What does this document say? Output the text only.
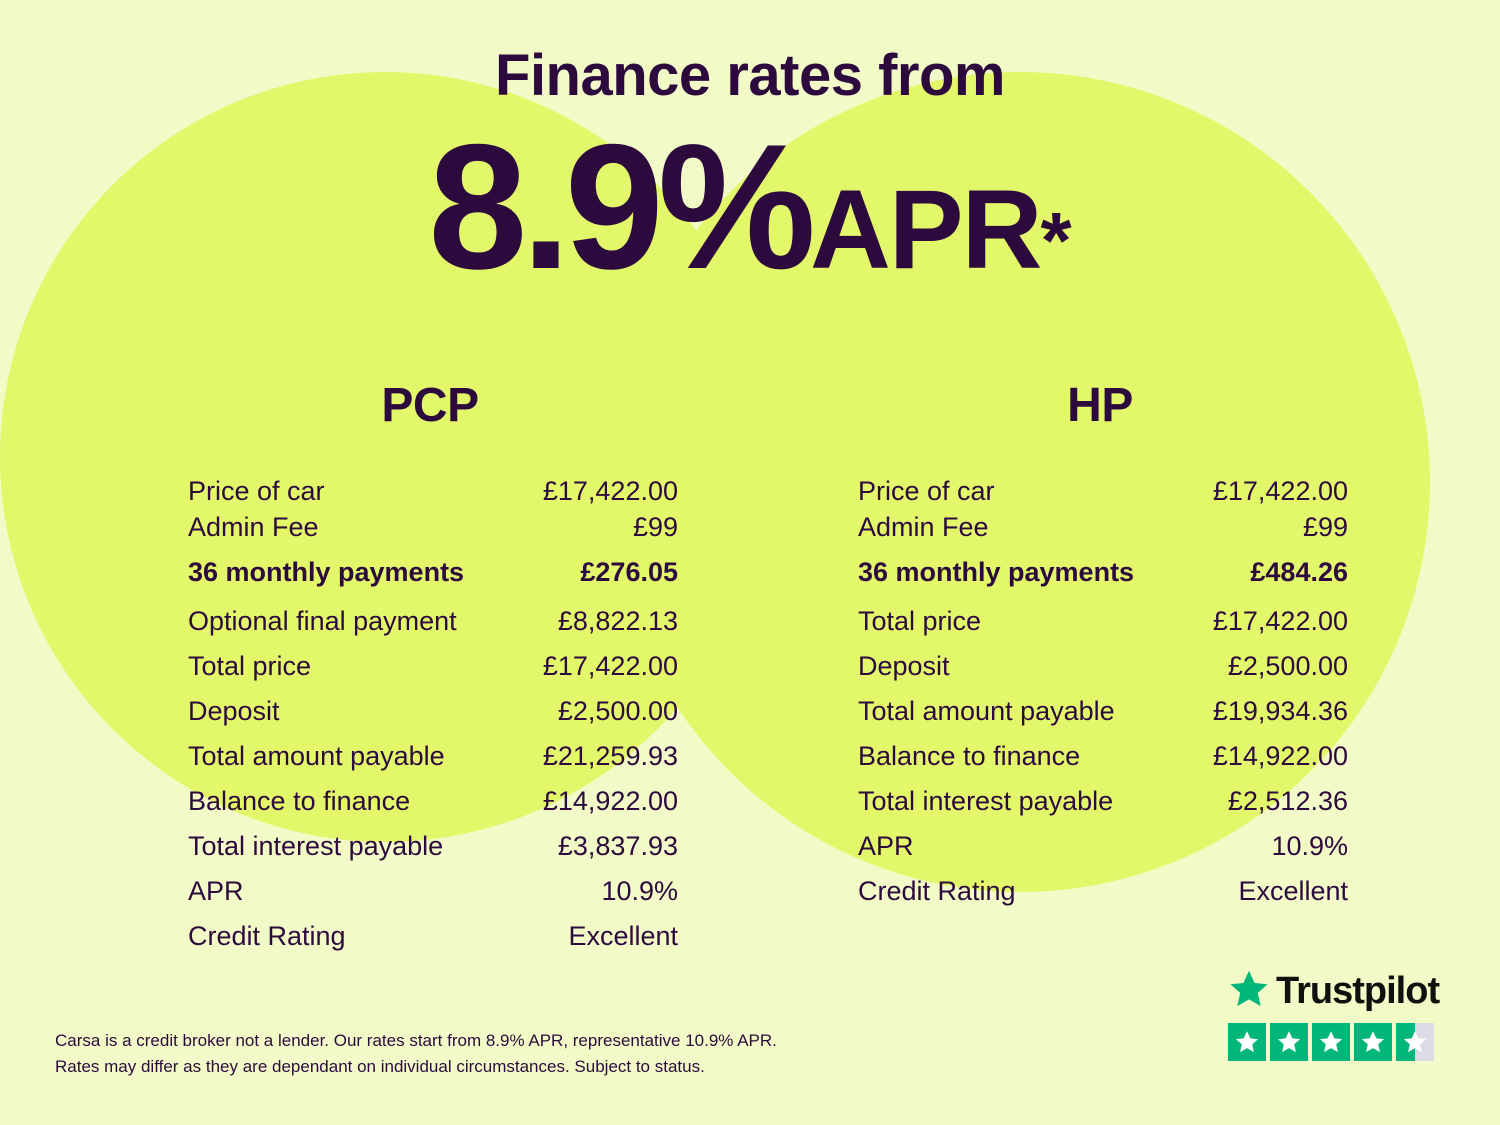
Finance rates from
8.9%APR*
PCP
Price of car	£17,422.00
Admin Fee	£99
36 monthly payments	£276.05
Optional final payment	£8,822.13
Total price	£17,422.00
Deposit	£2,500.00
Total amount payable	£21,259.93
Balance to finance	£14,922.00
Total interest payable	£3,837.93
APR	10.9%
Credit Rating	Excellent
HP
Price of car	£17,422.00
Admin Fee	£99
36 monthly payments	£484.26
Total price	£17,422.00
Deposit	£2,500.00
Total amount payable	£19,934.36
Balance to finance	£14,922.00
Total interest payable	£2,512.36
APR	10.9%
Credit Rating	Excellent
Carsa is a credit broker not a lender. Our rates start from 8.9% APR, representative 10.9% APR.
Rates may differ as they are dependant on individual circumstances. Subject to status.
Trustpilot
